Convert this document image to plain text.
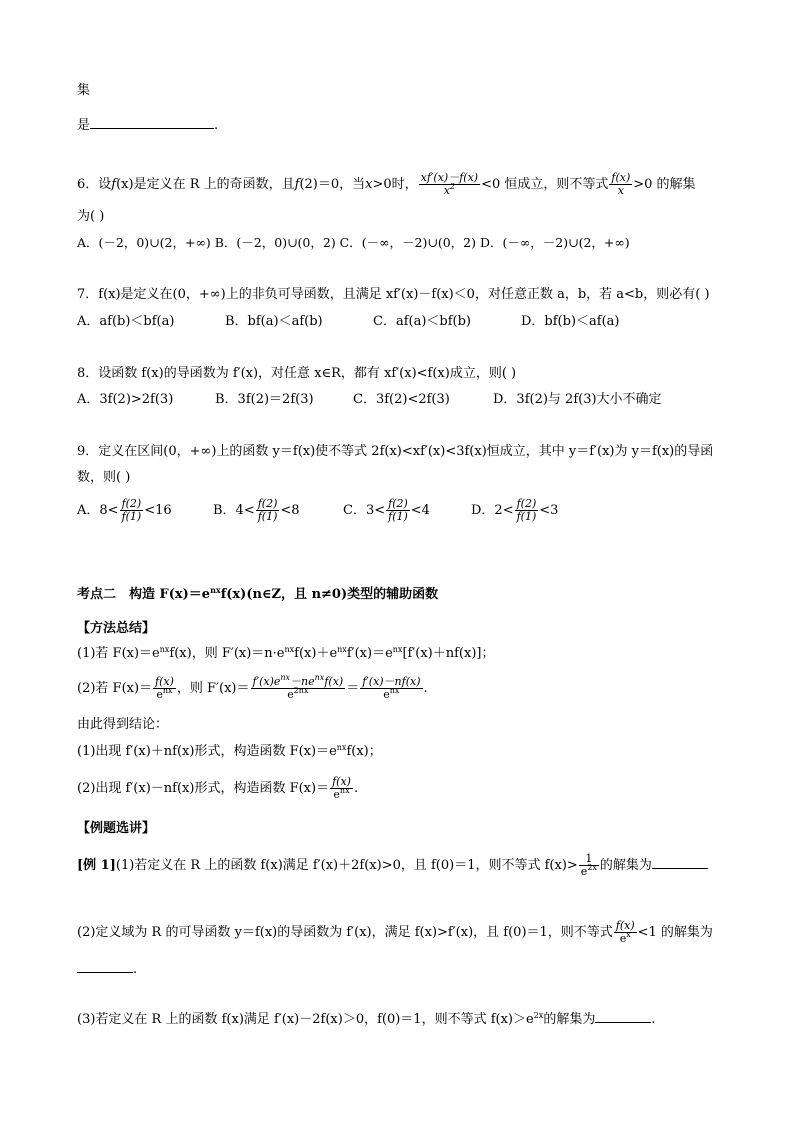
集
是	.
6．设f(x)是定义在 R 上的奇函数，且f(2)＝0，当x>0时， $\frac{xf'(x)-f(x)}{x^2} <0$ 恒成立，则不等式 $\frac{f(x)}{x} >0$ 的解集
为( )
A．(－2，0)∪(2，+∞) B．(－2，0)∪(0，2) C．(－∞，－2)∪(0，2) D．(－∞，－2)∪(2，+∞)
7．f(x)是定义在(0，+∞)上的非负可导函数，且满足 xf′(x)－f(x)＜0，对任意正数 a，b，若 a<b，则必有( )
A．af(b)＜bf(a)	B．bf(a)＜af(b)	C．af(a)＜bf(b)	D．bf(b)＜af(a)
8．设函数 f(x)的导函数为 f′(x)，对任意 x∈R，都有 xf′(x)<f(x)成立，则( )
A．3f(2)>2f(3)	B．3f(2)＝2f(3)	C．3f(2)<2f(3)	D．3f(2)与 2f(3)大小不确定
9．定义在区间(0，+∞)上的函数 y＝f(x)使不等式 2f(x)<xf′(x)<3f(x)恒成立，其中 y＝f′(x)为 y＝f(x)的导函
数，则( )
A．$8< \frac{f(2)}{f(1)} <16$	B．$4< \frac{f(2)}{f(1)} <8$	C．$3< \frac{f(2)}{f(1)} <4$	D．$2< \frac{f(2)}{f(1)} <3$
考点二　构造 $F(x)=e^{nx}f(x)(n\in Z$，且 n≠0)类型的辅助函数
【方法总结】
(1)若 $F(x)=e^{nx}f(x)$，则 $F'(x)=n\cdot e^{nx}f(x)+e^{nx}f'(x)=e^{nx}[f'(x)+nf(x)]$；
(2)若 $F(x)= \frac{f(x)}{e^{nx}}$ ，则 $F'(x)= \frac{f'(x)e^{nx}-ne^{nx}f(x)}{e^{2nx}} = \frac{f'(x)-nf(x)}{e^{nx}}$ .
由此得到结论：
(1)出现 f′(x)＋nf(x)形式，构造函数 $F(x)=e^{nx}f(x)$；
(2)出现 f′(x)－nf(x)形式，构造函数 $F(x)= \frac{f(x)}{e^{nx}}$ .
【例题选讲】
[例 1](1)若定义在 R 上的函数 f(x)满足 f′(x)＋2f(x)>0，且 f(0)＝1，则不等式 $f(x)> \frac{1}{e^{2x}}$ 的解集为
(2)定义域为 R 的可导函数 y＝f(x)的导函数为 f′(x)，满足 f(x)>f′(x)，且 f(0)＝1，则不等式 $\frac{f(x)}{e^x} <1$ 的解集为
.
(3)若定义在 R 上的函数 f(x)满足 f′(x)－2f(x)＞0，f(0)＝1，则不等式 $f(x)>e^{2x}$的解集为	.
